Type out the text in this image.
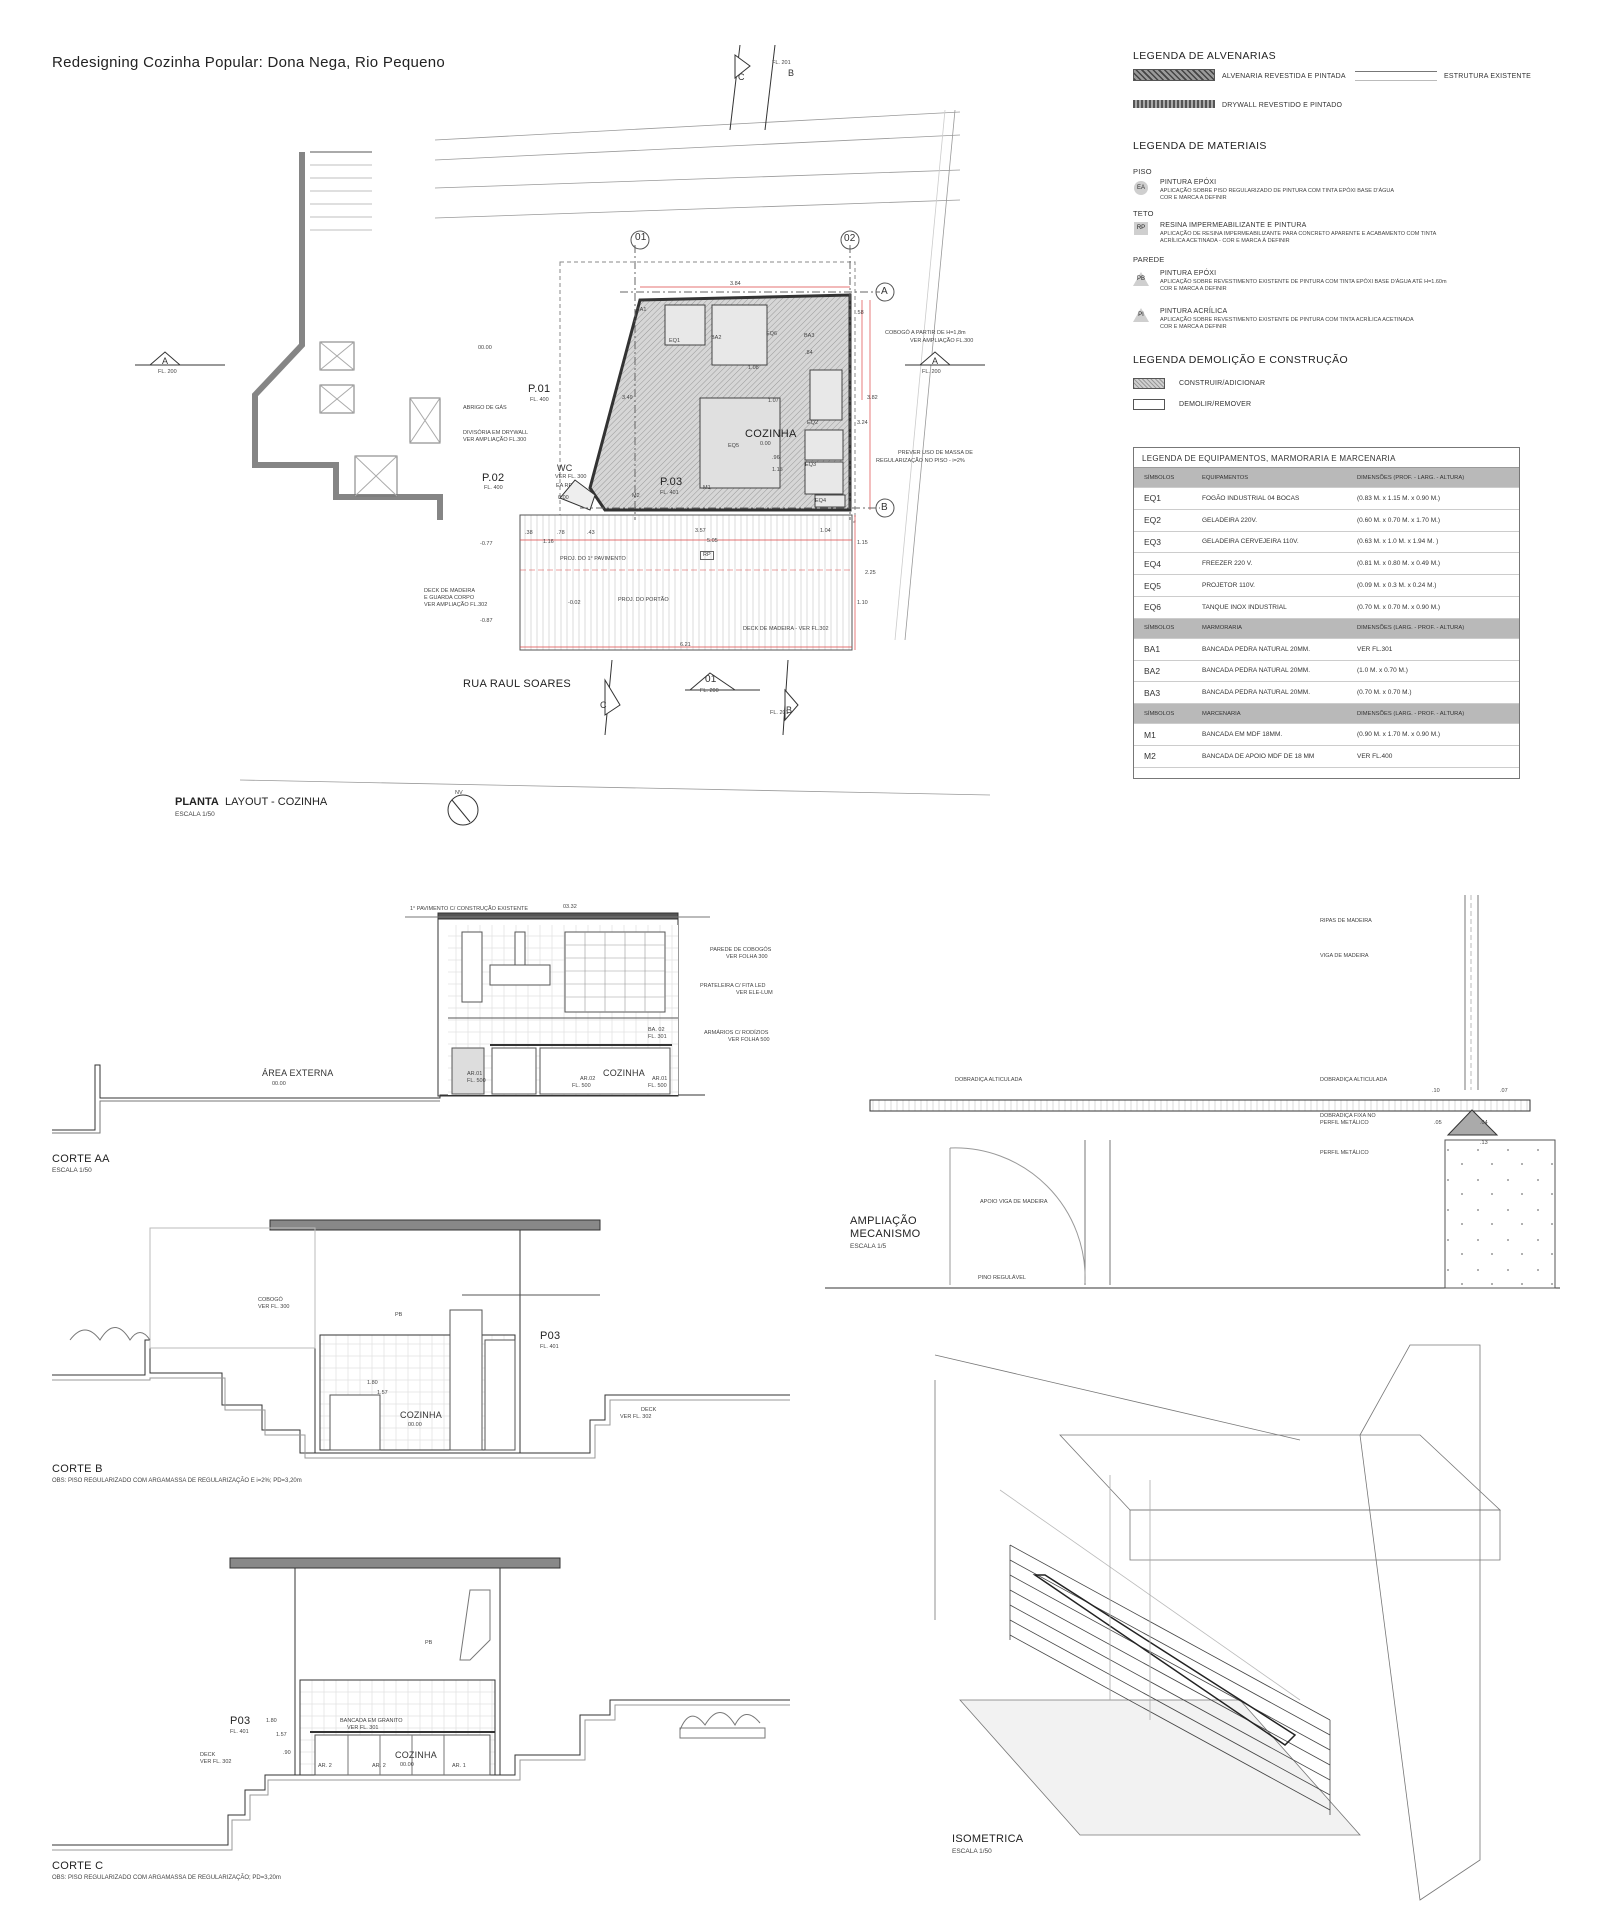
Redesigning Cozinha Popular: Dona Nega, Rio Pequeno	LEGENDA DE ALVENARIAS
ALVENARIA REVESTIDA E PINTADA	ESTRUTURA EXISTENTE
DRYWALL REVESTIDO E PINTADO
LEGENDA DE MATERIAIS
PISO
EA
PINTURA EPÓXI
APLICAÇÃO SOBRE PISO REGULARIZADO DE PINTURA COM TINTA EPÓXI BASE D'ÁGUA
COR E MARCA A DEFINIR
TETO
RP	RESINA IMPERMEABILIZANTE E PINTURA
APLICAÇÃO DE RESINA IMPERMEABILIZANTE PARA CONCRETO APARENTE E ACABAMENTO COM TINTA
ACRÍLICA ACETINADA - COR E MARCA À DEFINIR
PAREDE
PB
PINTURA EPÓXI
APLICAÇÃO SOBRE REVESTIMENTO EXISTENTE DE PINTURA COM TINTA EPÓXI BASE D'ÁGUA ATÉ H=1.60m
COR E MARCA A DEFINIR
PI	PINTURA ACRÍLICA
APLICAÇÃO SOBRE REVESTIMENTO EXISTENTE DE PINTURA COM TINTA ACRÍLICA ACETINADA
COR E MARCA A DEFINIR
LEGENDA DEMOLIÇÃO E CONSTRUÇÃO
CONSTRUIR/ADICIONAR
DEMOLIR/REMOVER
LEGENDA DE EQUIPAMENTOS, MARMORARIA E MARCENARIA
SÍMBOLOS	EQUIPAMENTOS	DIMENSÕES (PROF. - LARG. - ALTURA)
EQ1	FOGÃO INDUSTRIAL 04 BOCAS	(0.83 M. x 1.15 M. x 0.90 M.)
EQ2	GELADEIRA 220V.	(0.60 M. x 0.70 M. x 1.70 M.)
EQ3	GELADEIRA CERVEJEIRA 110V.	(0.63 M. x 1.0 M. x 1.94 M. )
EQ4	FREEZER 220 V.	(0.81 M. x 0.80 M. x 0.49 M.)
EQ5	PROJETOR 110V.	(0.09 M. x 0.3 M. x 0.24 M.)
EQ6	TANQUE INOX INDUSTRIAL	(0.70 M. x 0.70 M. x 0.90 M.)
SÍMBOLOS	MARMORARIA	DIMENSÕES (LARG. - PROF. - ALTURA)
BA1	BANCADA PEDRA NATURAL 20MM.	VER FL.301
BA2	BANCADA PEDRA NATURAL 20MM.	(1.0 M. x 0.70 M.)
BA3	BANCADA PEDRA NATURAL 20MM.	(0.70 M. x 0.70 M.)
SÍMBOLOS	MARCENARIA	DIMENSÕES (LARG. - PROF. - ALTURA)
M1	BANCADA EM MDF 18MM.	(0.90 M. x 1.70 M. x 0.90 M.)
M2	BANCADA DE APOIO MDF DE 18 MM	VER FL.400
01	02
A
B
A
FL. 200
A
FL. 200
C	B
FL. 201
C	B
FL. 201
01
FL. 200
COZINHA
0.00
WC
VER FL. 300
EA RP
0.00
P.01
FL. 400
P.02
FL. 400	P.03
FL. 401
00.00
-0.77
-0.02
-0.87
ABRIGO DE GÁS
DIVISÓRIA EM DRYWALL
VER AMPLIAÇÃO FL.300
COBOGÓ A PARTIR DE H=1,8m
VER AMPLIAÇÃO FL.300
PREVER USO DE MASSA DE
REGULARIZAÇÃO NO PISO - i=2%
PROJ. DO 1° PAVIMENTO
PROJ. DO PORTÃO
DECK DE MADEIRA - VER FL.302
DECK DE MADEIRA
E GUARDA CORPO
VER AMPLIAÇÃO FL.302
RP
3.84
5.05
3.57	1.04
6.21
1.07
1.15
.96
.38	.78	.43
1.16
3.24
3.82
1.15
2.25
1.10
3.49
.84
1.08
.58
EQ1
EQ2
EQ3
EQ4
EQ5
EQ6
BA1
BA2	BA3
M1
M2
RUA RAUL SOARES
PLANTA LAYOUT - COZINHA
ESCALA 1/50
NV
CORTE AA
ESCALA 1/50
ÁREA EXTERNA
00.00
1° PAVIMENTO C/ CONSTRUÇÃO EXISTENTE	03.32
PAREDE DE COBOGÓS
VER FOLHA 300
PRATELEIRA C/ FITA LED
VER ELE-LUM
BA. 02
FL. 301
ARMÁRIOS C/ RODÍZIOS
VER FOLHA 500
COZINHA
AR.01
FL. 500	AR.02
FL. 500
AR.01
FL. 500
CORTE B
OBS: PISO REGULARIZADO COM ARGAMASSA DE REGULARIZAÇÃO E i=2%; PD=3,20m
COBOGÓ
VER FL. 300
P03
FL. 401
COZINHA
00.00
PB
DECK
VER FL. 302
1.80
1.57
CORTE C
OBS: PISO REGULARIZADO COM ARGAMASSA DE REGULARIZAÇÃO; PD=3,20m
P03
FL. 401
BANCADA EM GRANITO
VER FL. 301
COZINHA
00.00
PB
DECK
VER FL. 302
AR. 2	AR. 2	AR. 1
1.80
1.57
.90
AMPLIAÇÃO
MECANISMO
ESCALA 1/5
RIPAS DE MADEIRA
VIGA DE MADEIRA
DOBRADIÇA ALTICULADA	DOBRADIÇA ALTICULADA
DOBRADIÇA FIXA NO
PERFIL METÁLICO
PERFIL METÁLICO
APOIO VIGA DE MADEIRA
PINO REGULÁVEL
.10	.07
.05	.04
.13
ISOMETRICA
ESCALA 1/50
